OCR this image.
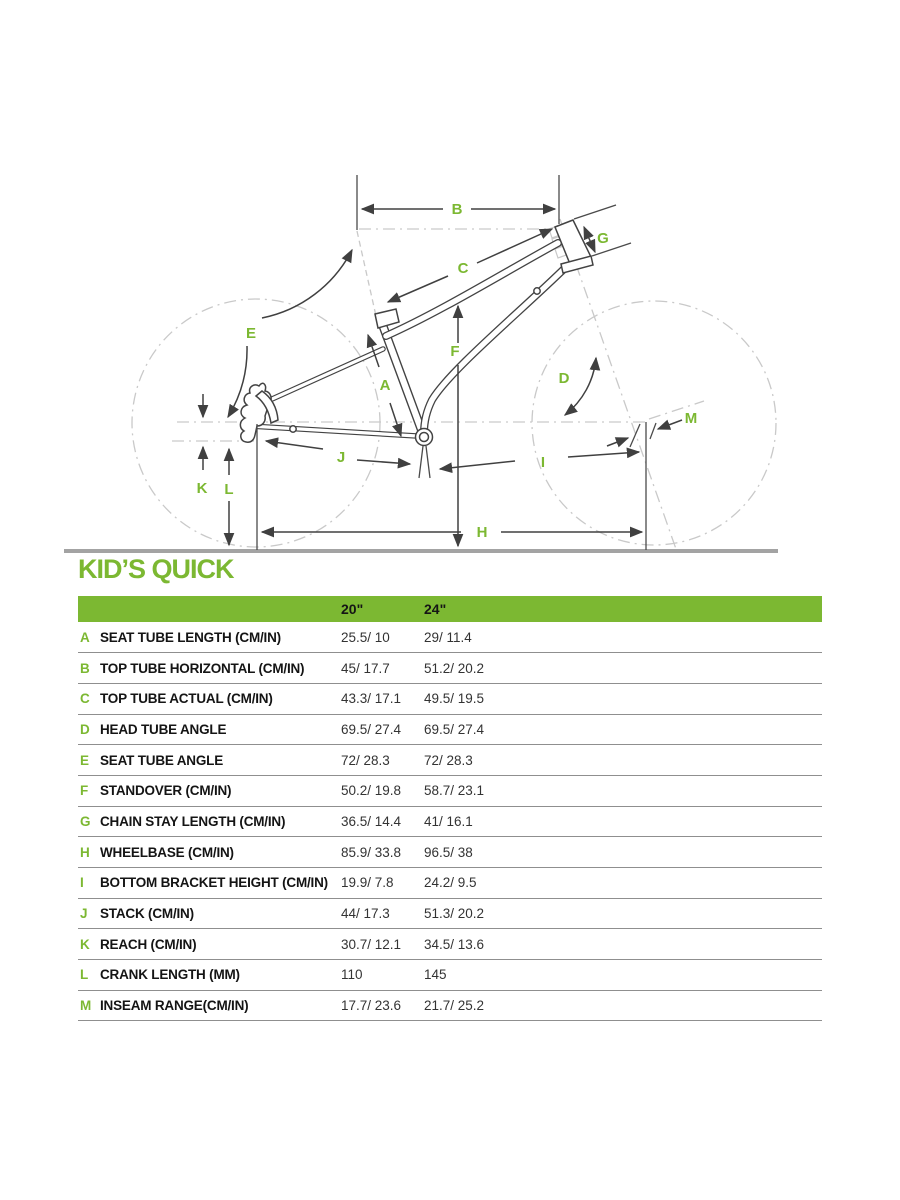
A
B
C
D
E
F
G
H
I
J
K L
M
KID’S QUICK
		20"	24"
A	SEAT TUBE LENGTH (CM/IN)	25.5/ 10	29/ 11.4
B	TOP TUBE HORIZONTAL (CM/IN)	45/ 17.7	51.2/ 20.2
C	TOP TUBE ACTUAL (CM/IN)	43.3/ 17.1	49.5/ 19.5
D	HEAD TUBE ANGLE	69.5/ 27.4	69.5/ 27.4
E	SEAT TUBE ANGLE	72/ 28.3	72/ 28.3
F	STANDOVER (CM/IN)	50.2/ 19.8	58.7/ 23.1
G	CHAIN STAY LENGTH (CM/IN)	36.5/ 14.4	41/ 16.1
H	WHEELBASE (CM/IN)	85.9/ 33.8	96.5/ 38
I	BOTTOM BRACKET HEIGHT (CM/IN)	19.9/ 7.8	24.2/ 9.5
J	STACK (CM/IN)	44/ 17.3	51.3/ 20.2
K	REACH (CM/IN)	30.7/ 12.1	34.5/ 13.6
L	CRANK LENGTH (MM)	110	145
M	INSEAM RANGE(CM/IN)	17.7/ 23.6	21.7/ 25.2
